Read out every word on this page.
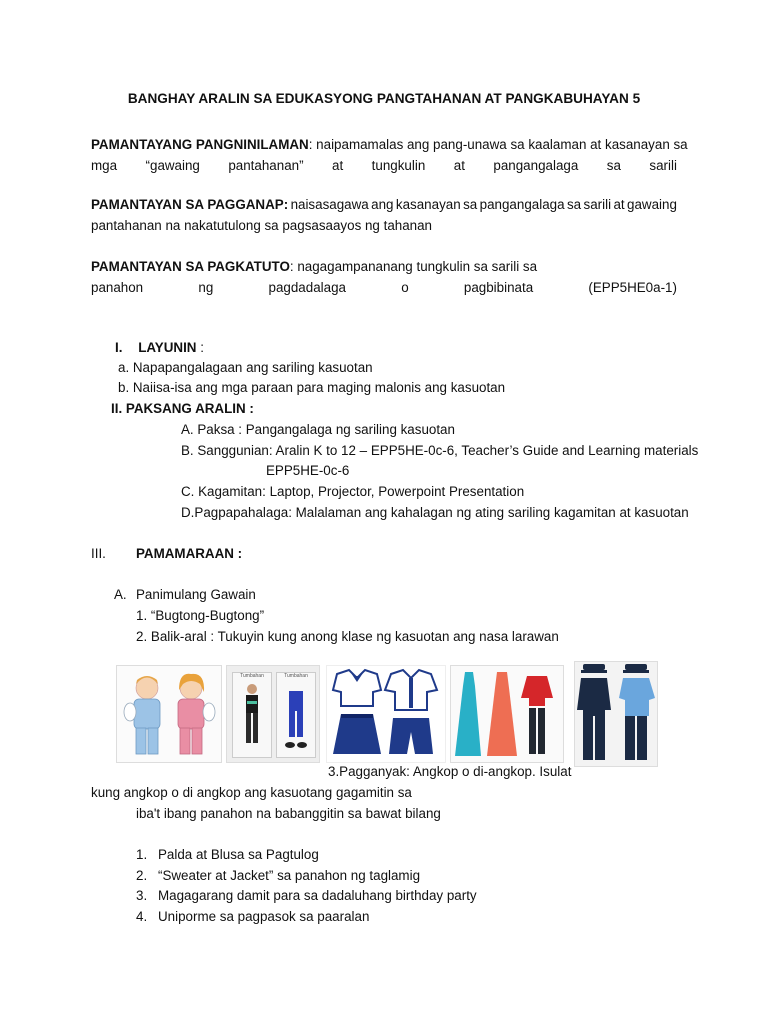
BANGHAY ARALIN SA EDUKASYONG PANGTAHANAN AT PANGKABUHAYAN 5
PAMANTAYANG PANGNINILAMAN: naipamamalas ang pang-unawa sa kaalaman at kasanayan sa
mga “gawaing pantahanan” at tungkulin at pangangalaga sa sarili
PAMANTAYAN SA PAGGANAP: naisasagawa ang kasanayan sa pangangalaga sa sarili at gawaing
pantahanan na nakatutulong sa pagsasaayos ng tahanan
PAMANTAYAN SA PAGKATUTO: nagagampananang tungkulin sa sarili sa
panahon	ng	pagdadalaga	o	pagbibinata	(EPP5HE0a-1)
I. LAYUNIN :
a. Napapangalagaan ang sariling kasuotan
b. Naiisa-isa ang mga paraan para maging malonis ang kasuotan
II. PAKSANG ARALIN :
A. Paksa : Pangangalaga ng sariling kasuotan
B. Sanggunian: Aralin K to 12 – EPP5HE-0c-6, Teacher’s Guide and Learning materials
EPP5HE-0c-6
C. Kagamitan: Laptop, Projector, Powerpoint Presentation
D.Pagpapahalaga: Malalaman ang kahalagan ng ating sariling kagamitan at kasuotan
III. PAMAMARAAN :
A. Panimulang Gawain
1. “Bugtong-Bugtong”
2. Balik-aral : Tukuyin kung anong klase ng kasuotan ang nasa larawan
Tumbahan	Tumbahan
3.Pagganyak: Angkop o di-angkop. Isulat
kung angkop o di angkop ang kasuotang gagamitin sa
iba't ibang panahon na babanggitin sa bawat bilang
1. Palda at Blusa sa Pagtulog
2. “Sweater at Jacket” sa panahon ng taglamig
3. Magagarang damit para sa dadaluhang birthday party
4. Uniporme sa pagpasok sa paaralan
